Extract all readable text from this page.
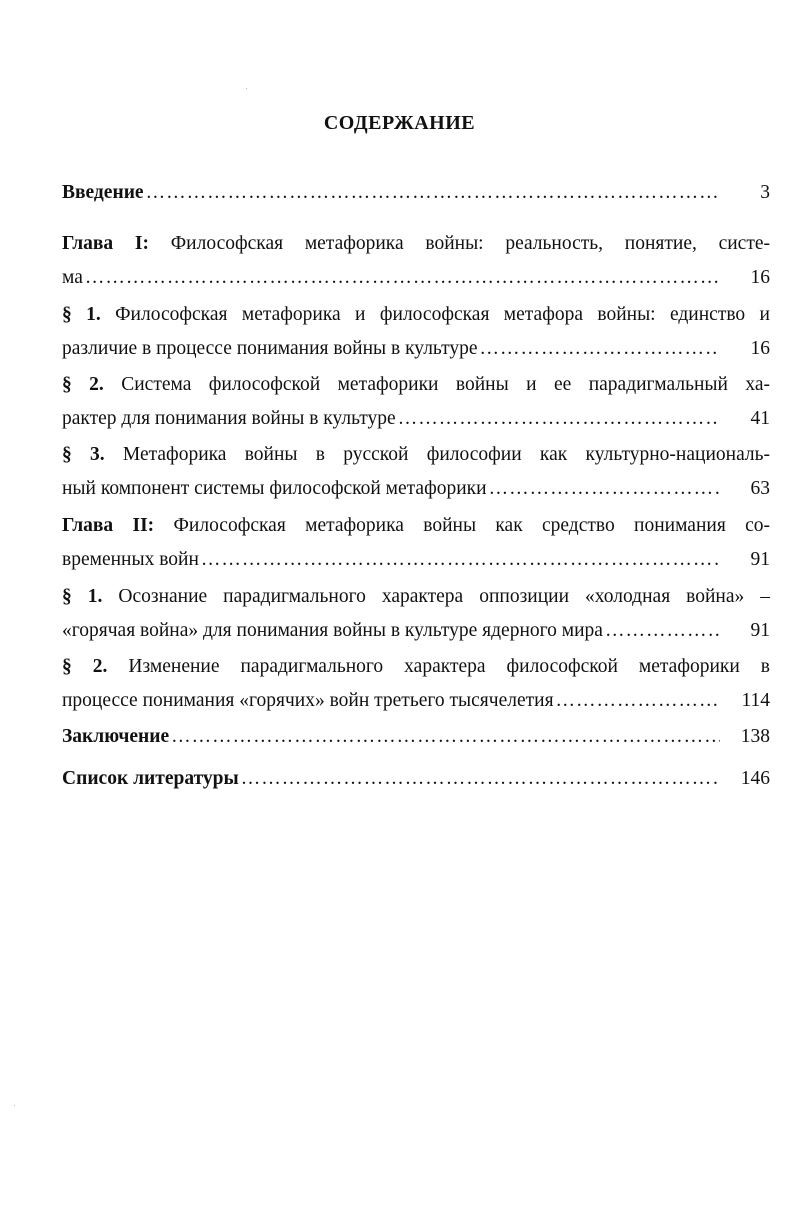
СОДЕРЖАНИЕ
Введение …………………………………………………………………………………………………………………………………………………………	3
Глава I: Философская метафорика войны: реальность, понятие, систе-
ма …………………………………………………………………………………………………………………………………………………………	16
§ 1. Философская метафорика и философская метафора войны: единство и
различие в процессе понимания войны в культуре …………………………………………………………………………………………………………………………………………………………	16
§ 2. Система философской метафорики войны и ее парадигмальный ха-
рактер для понимания войны в культуре …………………………………………………………………………………………………………………………………………………………	41
§ 3. Метафорика войны в русской философии как культурно-националь-
ный компонент системы философской метафорики …………………………………………………………………………………………………………………………………………………………	63
Глава II: Философская метафорика войны как средство понимания со-
временных войн …………………………………………………………………………………………………………………………………………………………	91
§ 1. Осознание парадигмального характера оппозиции «холодная война» –
«горячая война» для понимания войны в культуре ядерного мира …………………………………………………………………………………………………………………………………………………………	91
§ 2. Изменение парадигмального характера философской метафорики в
процессе понимания «горячих» войн третьего тысячелетия …………………………………………………………………………………………………………………………………………………………	114
Заключение …………………………………………………………………………………………………………………………………………………………	138
Список литературы …………………………………………………………………………………………………………………………………………………………	146
